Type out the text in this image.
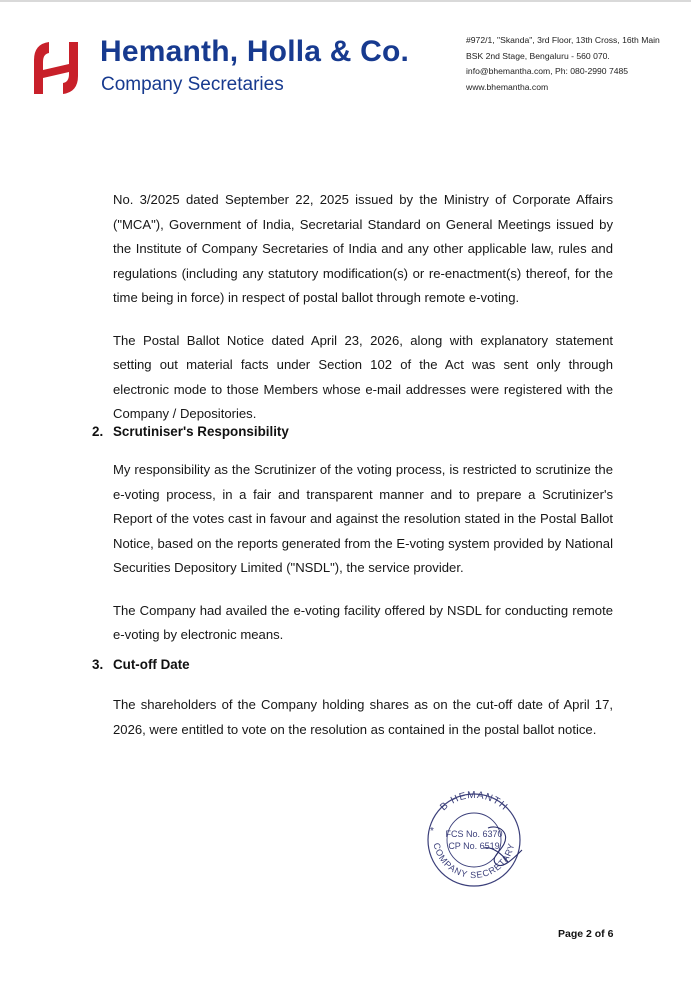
Hemanth, Holla & Co.
Company Secretaries
#972/1, "Skanda", 3rd Floor, 13th Cross, 16th Main
BSK 2nd Stage, Bengaluru - 560 070.
info@bhemantha.com, Ph: 080-2990 7485
www.bhemantha.com

No. 3/2025 dated September 22, 2025 issued by the Ministry of Corporate Affairs ("MCA"), Government of India, Secretarial Standard on General Meetings issued by the Institute of Company Secretaries of India and any other applicable law, rules and regulations (including any statutory modification(s) or re-enactment(s) thereof, for the time being in force) in respect of postal ballot through remote e-voting.

The Postal Ballot Notice dated April 23, 2026, along with explanatory statement setting out material facts under Section 102 of the Act was sent only through electronic mode to those Members whose e-mail addresses were registered with the Company / Depositories.

2. Scrutiniser's Responsibility

My responsibility as the Scrutinizer of the voting process, is restricted to scrutinize the e-voting process, in a fair and transparent manner and to prepare a Scrutinizer's Report of the votes cast in favour and against the resolution stated in the Postal Ballot Notice, based on the reports generated from the E-voting system provided by National Securities Depository Limited ("NSDL"), the service provider.

The Company had availed the e-voting facility offered by NSDL for conducting remote e-voting by electronic means.

3. Cut-off Date

The shareholders of the Company holding shares as on the cut-off date of April 17, 2026, were entitled to vote on the resolution as contained in the postal ballot notice.

B HEMANTH
COMPANY SECRETARY
* FCS No. 6370
CP No. 6519
Page 2 of 6
